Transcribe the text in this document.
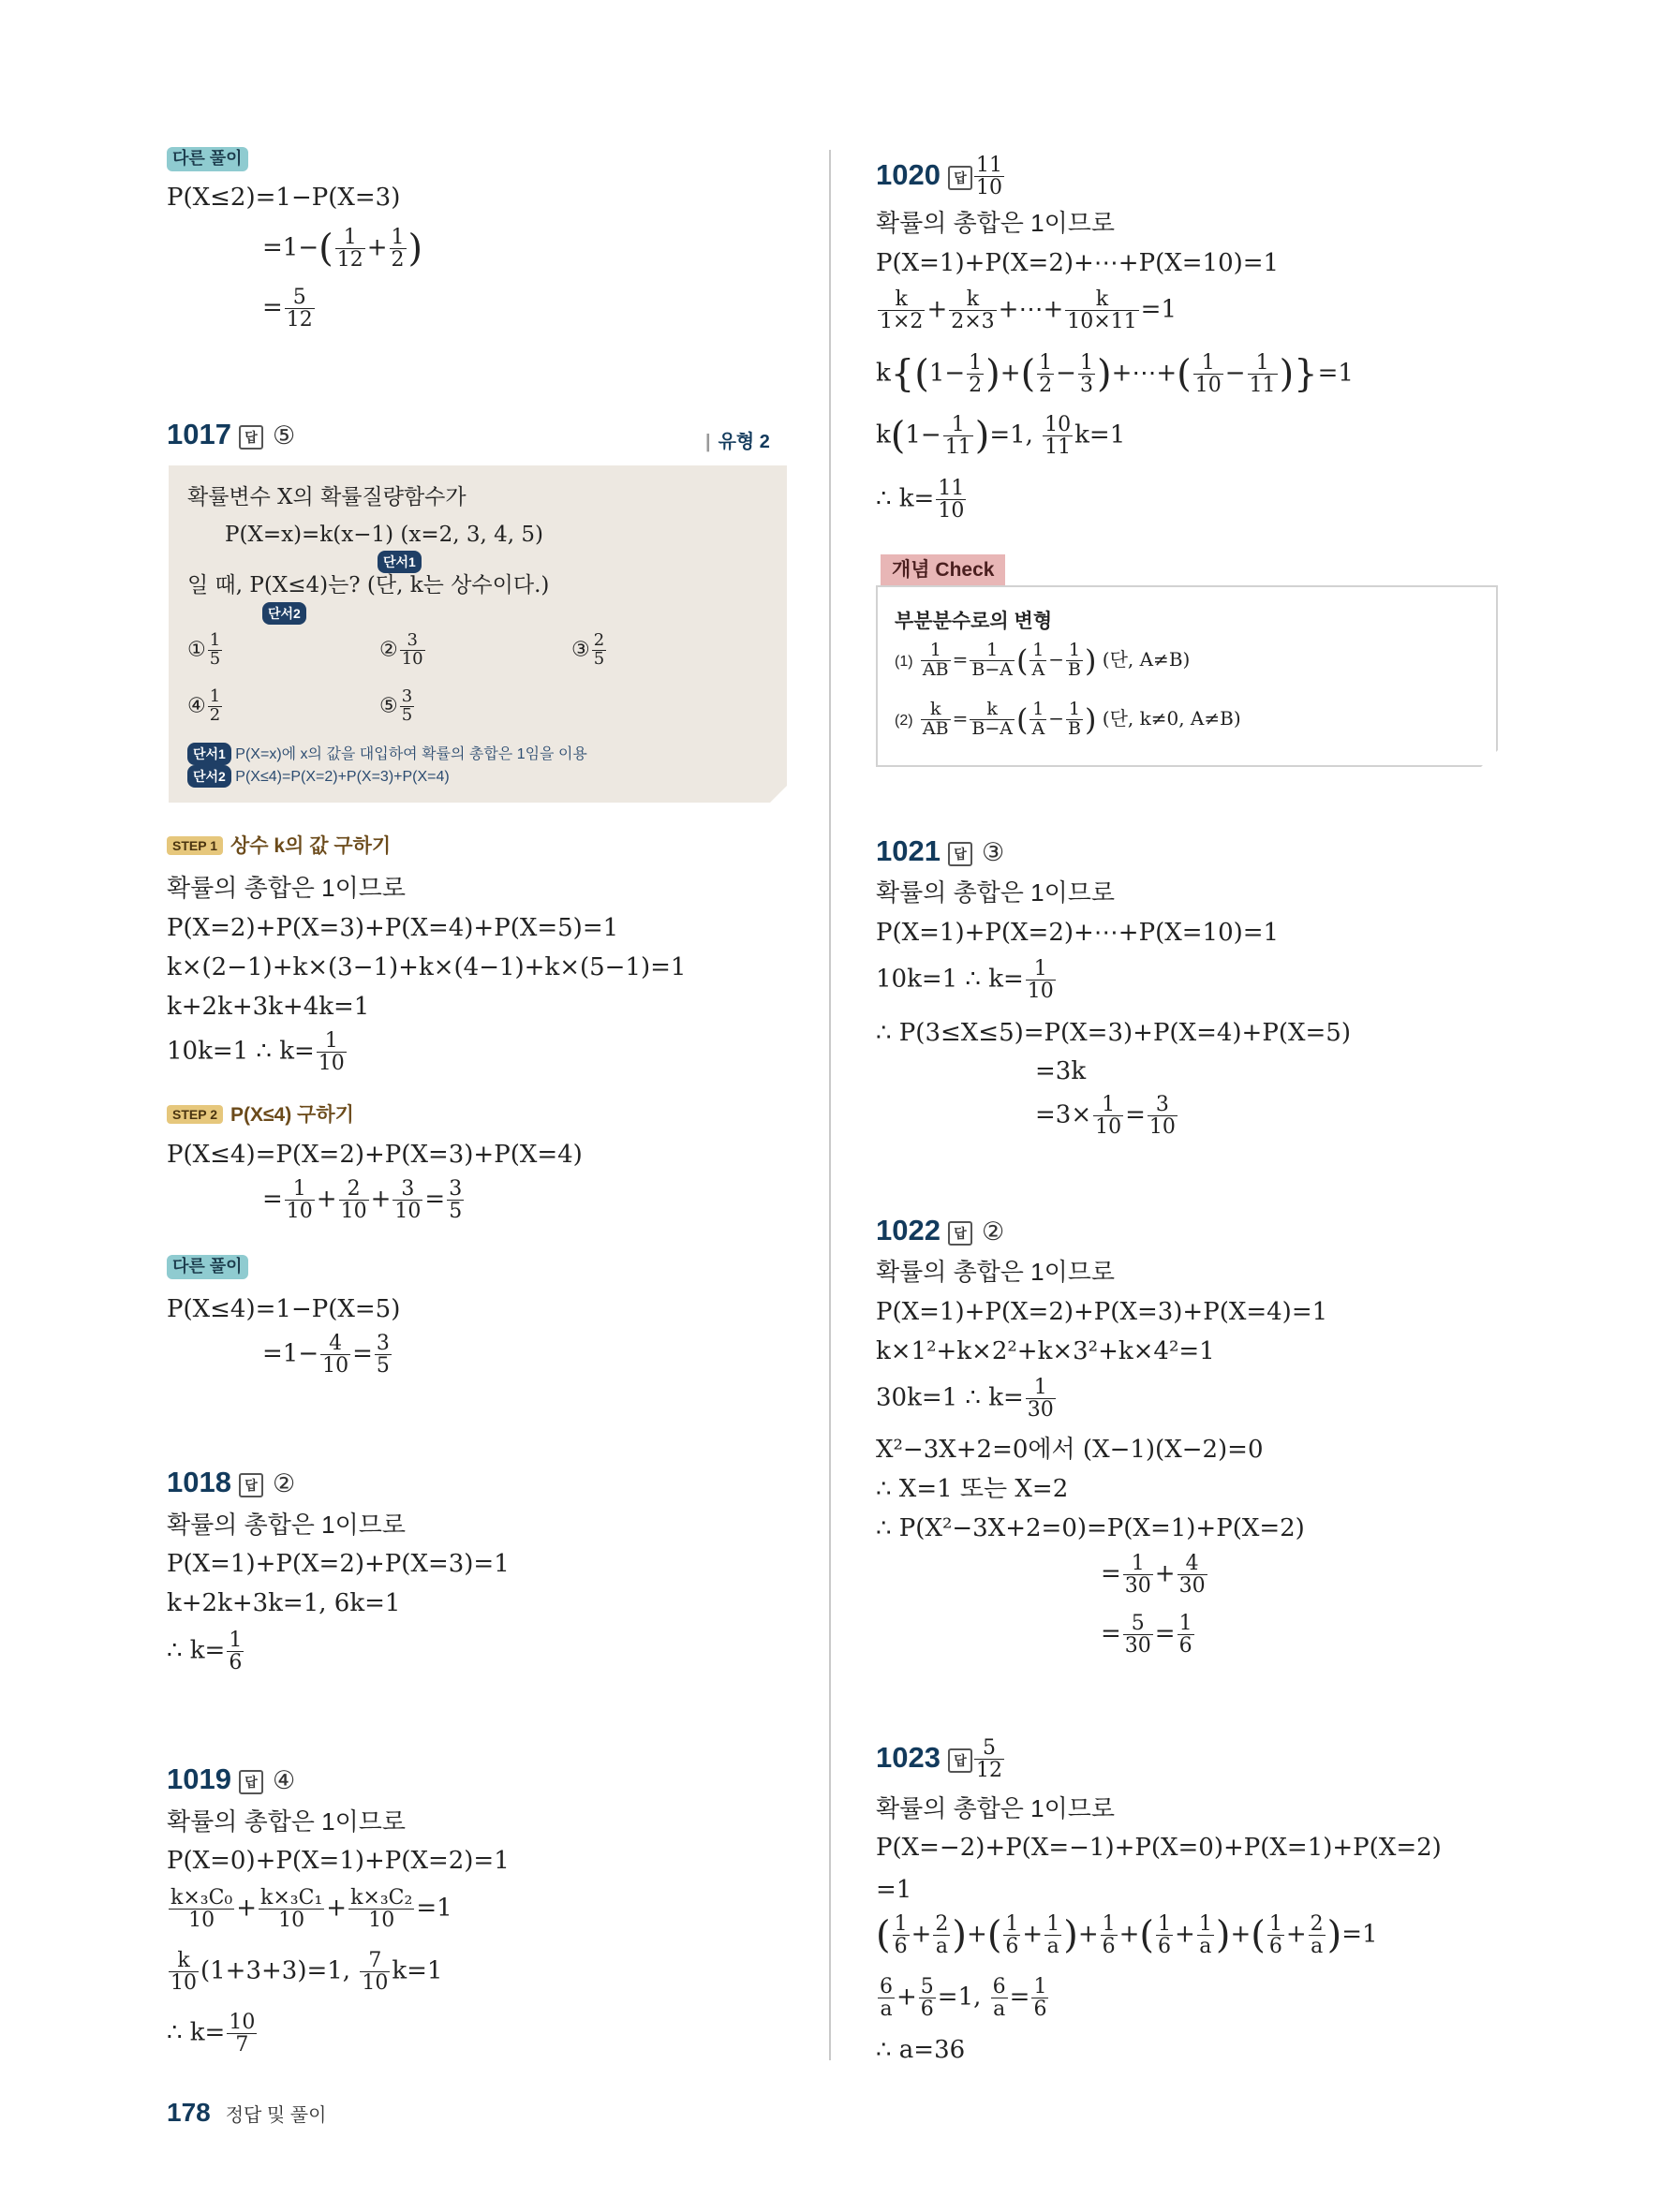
다른 풀이
P(X≤2)=1−P(X=3)
$=1-( \frac{1}{12} + \frac{1}{2}$ )
= $\frac{5}{12}$
1017 답 ⑤	| 유형 2
확률변수 X의 확률질량함수가
P(X=x)=k(x−1) (x=2, 3, 4, 5)
단서1
일 때, P(X≤4)는? (단, k는 상수이다.)
단서2
① $\frac{1}{5}$	② $\frac{3}{10}$	③ $\frac{2}{5}$
④ $\frac{1}{2}$	⑤ $\frac{3}{5}$
단서1 P(X=x)에 x의 값을 대입하여 확률의 총합은 1임을 이용
단서2 P(X≤4)=P(X=2)+P(X=3)+P(X=4)
STEP 1 상수 k의 값 구하기
확률의 총합은 1이므로
P(X=2)+P(X=3)+P(X=4)+P(X=5)=1
k×(2−1)+k×(3−1)+k×(4−1)+k×(5−1)=1
k+2k+3k+4k=1
10k=1 ∴ $k= \frac{1}{10}$
STEP 2 P(X≤4) 구하기
P(X≤4)=P(X=2)+P(X=3)+P(X=4)
= $\frac{1}{10} + \frac{2}{10} + \frac{3}{10} = \frac{3}{5}$
다른 풀이
P(X≤4)=1−P(X=5)
$=1- \frac{4}{10} = \frac{3}{5}$
1018 답 ②
확률의 총합은 1이므로
P(X=1)+P(X=2)+P(X=3)=1
k+2k+3k=1, 6k=1
∴ $k= \frac{1}{6}$
1019 답 ④
확률의 총합은 1이므로
P(X=0)+P(X=1)+P(X=2)=1
$\frac{\text{k×₃C₀}}{10} + \frac{\text{k×₃C₁}}{10} + \frac{\text{k×₃C₂}}{10} =1$
$\frac{k}{10} (1+3+3)=1$, $\frac{7}{10} k=1$
∴ $k= \frac{10}{7}$
1020 답 $\frac{11}{10}$
확률의 총합은 1이므로
P(X=1)+P(X=2)+⋯+P(X=10)=1
$\frac{k}{1\times 2} + \frac{k}{2\times 3}$ +⋯+ $\frac{k}{10\times 11} =1$
$k\{(1- \frac{1}{2}$ )+( $\frac{1}{2} - \frac{1}{3}$ )+⋯+( $\frac{1}{10} - \frac{1}{11} )\}=1$
$k(1- \frac{1}{11} )=1$, $\frac{10}{11} k=1$
∴ $k= \frac{11}{10}$
개념 Check
부분분수로의 변형
$(1) \frac{1}{AB} = \frac{1}{B-A}$ ( $\frac{1}{A} - \frac{1}{B}$ ) (단, A≠B)
$(2) \frac{k}{AB} = \frac{k}{B-A}$ ( $\frac{1}{A} - \frac{1}{B}$ ) (단, k≠0, A≠B)
1021 답 ③
확률의 총합은 1이므로
P(X=1)+P(X=2)+⋯+P(X=10)=1
10k=1 ∴ $k= \frac{1}{10}$
∴ P(3≤X≤5)=P(X=3)+P(X=4)+P(X=5)
=3k
$=3\times \frac{1}{10} = \frac{3}{10}$
1022 답 ②
확률의 총합은 1이므로
P(X=1)+P(X=2)+P(X=3)+P(X=4)=1
k×1²+k×2²+k×3²+k×4²=1
30k=1 ∴ $k= \frac{1}{30}$
X²−3X+2=0에서 (X−1)(X−2)=0
∴ X=1 또는 X=2
∴ P(X²−3X+2=0)=P(X=1)+P(X=2)
= $\frac{1}{30} + \frac{4}{30}$
= $\frac{5}{30} = \frac{1}{6}$
1023 답 $\frac{5}{12}$
확률의 총합은 1이므로
P(X=−2)+P(X=−1)+P(X=0)+P(X=1)+P(X=2)
=1
( $\frac{1}{6} + \frac{2}{a}$ )+( $\frac{1}{6} + \frac{1}{a}$ )+ $\frac{1}{6}$ +( $\frac{1}{6} + \frac{1}{a}$ )+( $\frac{1}{6} + \frac{2}{a} )=1$
$\frac{6}{a} + \frac{5}{6} =1$, $\frac{6}{a} = \frac{1}{6}$
∴ a=36
178 정답 및 풀이
